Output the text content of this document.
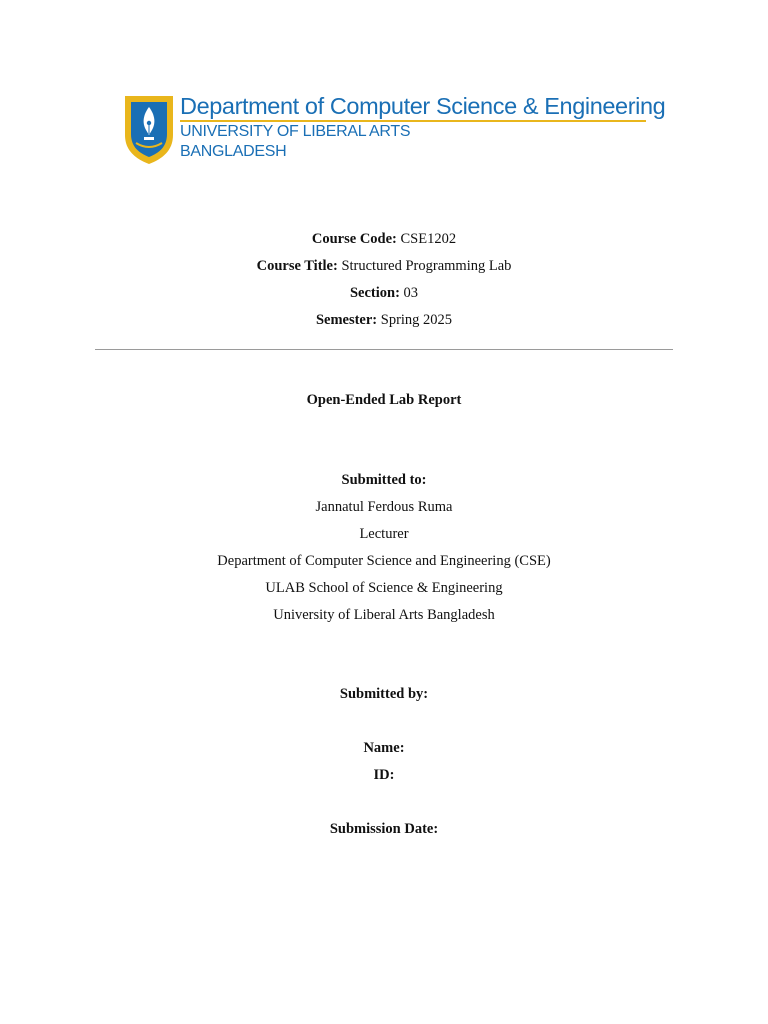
Department of Computer Science & Engineering
UNIVERSITY OF LIBERAL ARTS
BANGLADESH
Course Code: CSE1202
Course Title: Structured Programming Lab
Section: 03
Semester: Spring 2025
Open-Ended Lab Report
Submitted to:
Jannatul Ferdous Ruma
Lecturer
Department of Computer Science and Engineering (CSE)
ULAB School of Science & Engineering
University of Liberal Arts Bangladesh
Submitted by:
Name:
ID:
Submission Date:
